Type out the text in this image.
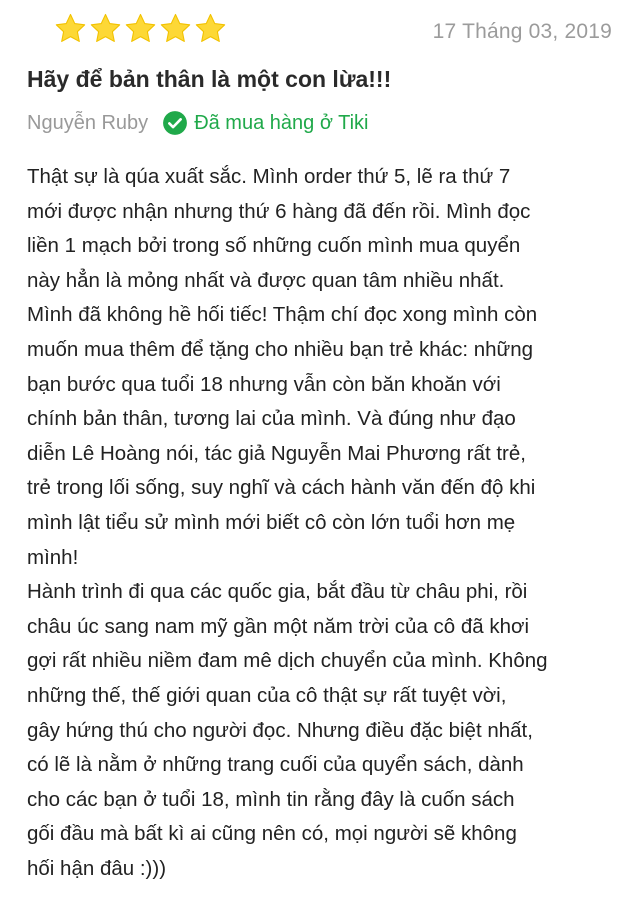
17 Tháng 03, 2019
Hãy để bản thân là một con lừa!!!
Nguyễn Ruby Đã mua hàng ở Tiki

Thật sự là qúa xuất sắc. Mình order thứ 5, lẽ ra thứ 7
mới được nhận nhưng thứ 6 hàng đã đến rồi. Mình đọc
liền 1 mạch bởi trong số những cuốn mình mua quyển
này hẳn là mỏng nhất và được quan tâm nhiều nhất.
Mình đã không hề hối tiếc! Thậm chí đọc xong mình còn
muốn mua thêm để tặng cho nhiều bạn trẻ khác: những
bạn bước qua tuổi 18 nhưng vẫn còn băn khoăn với
chính bản thân, tương lai của mình. Và đúng như đạo
diễn Lê Hoàng nói, tác giả Nguyễn Mai Phương rất trẻ,
trẻ trong lối sống, suy nghĩ và cách hành văn đến độ khi
mình lật tiểu sử mình mới biết cô còn lớn tuổi hơn mẹ
mình!
Hành trình đi qua các quốc gia, bắt đầu từ châu phi, rồi
châu úc sang nam mỹ gần một năm trời của cô đã khơi
gợi rất nhiều niềm đam mê dịch chuyển của mình. Không
những thế, thế giới quan của cô thật sự rất tuyệt vời,
gây hứng thú cho người đọc. Nhưng điều đặc biệt nhất,
có lẽ là nằm ở những trang cuối của quyển sách, dành
cho các bạn ở tuổi 18, mình tin rằng đây là cuốn sách
gối đầu mà bất kì ai cũng nên có, mọi người sẽ không
hối hận đâu :)))
